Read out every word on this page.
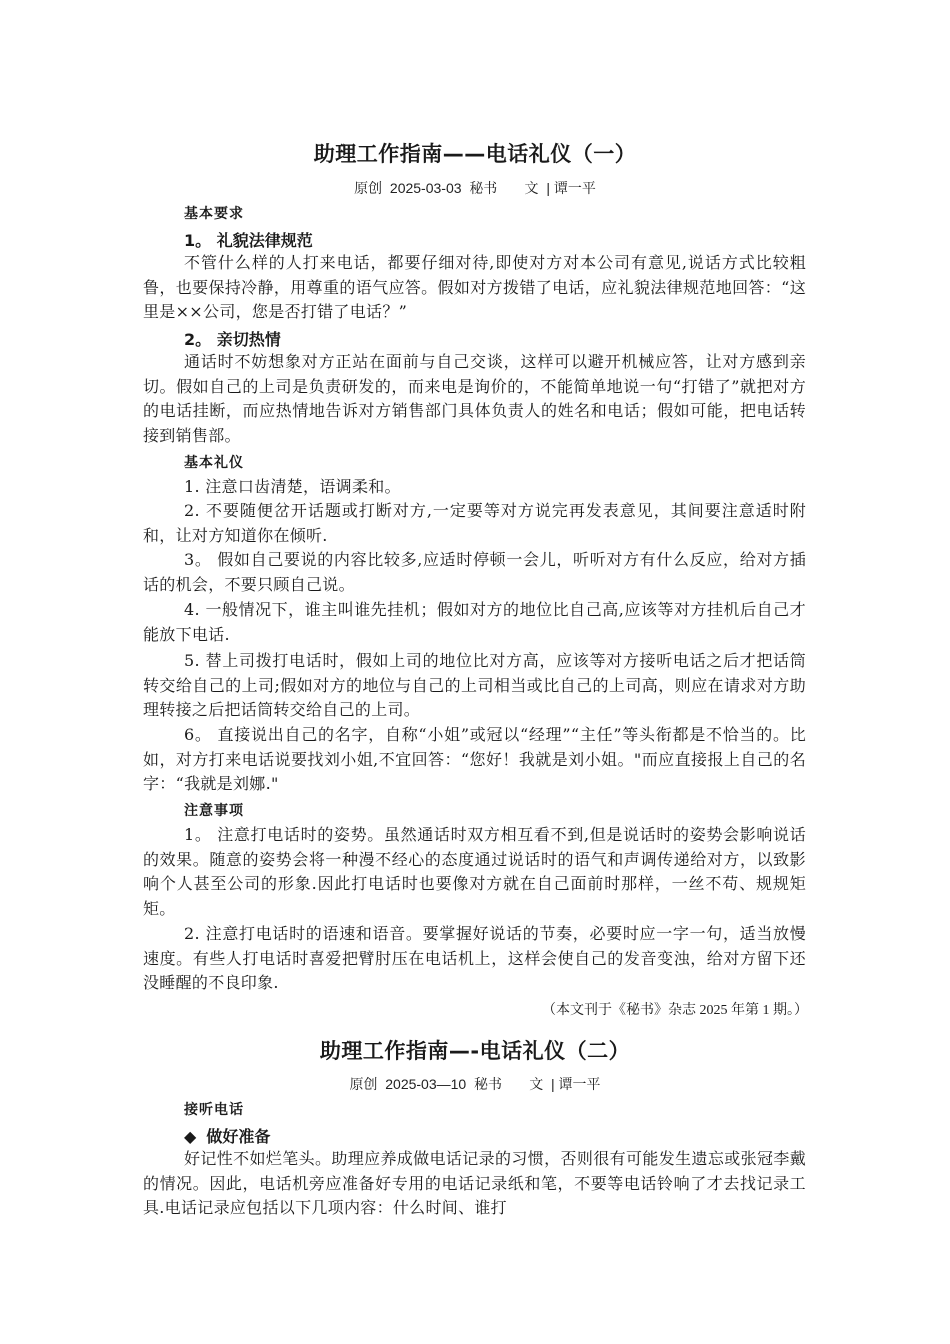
助理工作指南——电话礼仪（一）
原创 2025-03-03 秘书 文 | 谭一平
基本要求
1。 礼貌法律规范
不管什么样的人打来电话，都要仔细对待,即使对方对本公司有意见,说话方式比较粗鲁，也要保持冷静，用尊重的语气应答。假如对方拨错了电话，应礼貌法律规范地回答：“这里是××公司，您是否打错了电话？”
2。 亲切热情
通话时不妨想象对方正站在面前与自己交谈，这样可以避开机械应答，让对方感到亲切。假如自己的上司是负责研发的，而来电是询价的，不能简单地说一句“打错了”就把对方的电话挂断，而应热情地告诉对方销售部门具体负责人的姓名和电话；假如可能，把电话转接到销售部。
基本礼仪
1. 注意口齿清楚，语调柔和。
2. 不要随便岔开话题或打断对方,一定要等对方说完再发表意见，其间要注意适时附和，让对方知道你在倾听.
3。 假如自己要说的内容比较多,应适时停顿一会儿，听听对方有什么反应，给对方插话的机会，不要只顾自己说。
4. 一般情况下，谁主叫谁先挂机；假如对方的地位比自己高,应该等对方挂机后自己才能放下电话.
5. 替上司拨打电话时，假如上司的地位比对方高，应该等对方接听电话之后才把话筒转交给自己的上司;假如对方的地位与自己的上司相当或比自己的上司高，则应在请求对方助理转接之后把话筒转交给自己的上司。
6。 直接说出自己的名字，自称“小姐”或冠以“经理”“主任”等头衔都是不恰当的。比如，对方打来电话说要找刘小姐,不宜回答：“您好！我就是刘小姐。"而应直接报上自己的名字：“我就是刘娜."
注意事项
1。 注意打电话时的姿势。虽然通话时双方相互看不到,但是说话时的姿势会影响说话的效果。随意的姿势会将一种漫不经心的态度通过说话时的语气和声调传递给对方，以致影响个人甚至公司的形象.因此打电话时也要像对方就在自己面前时那样，一丝不苟、规规矩矩。
2. 注意打电话时的语速和语音。要掌握好说话的节奏，必要时应一字一句，适当放慢速度。有些人打电话时喜爱把臂肘压在电话机上，这样会使自己的发音变浊，给对方留下还没睡醒的不良印象.
（本文刊于《秘书》杂志 2025 年第 1 期。）
助理工作指南—-电话礼仪（二）
原创 2025-03—10 秘书 文 | 谭一平
接听电话
◆ 做好准备
好记性不如烂笔头。助理应养成做电话记录的习惯，否则很有可能发生遗忘或张冠李戴的情况。因此，电话机旁应准备好专用的电话记录纸和笔，不要等电话铃响了才去找记录工具.电话记录应包括以下几项内容：什么时间、谁打
